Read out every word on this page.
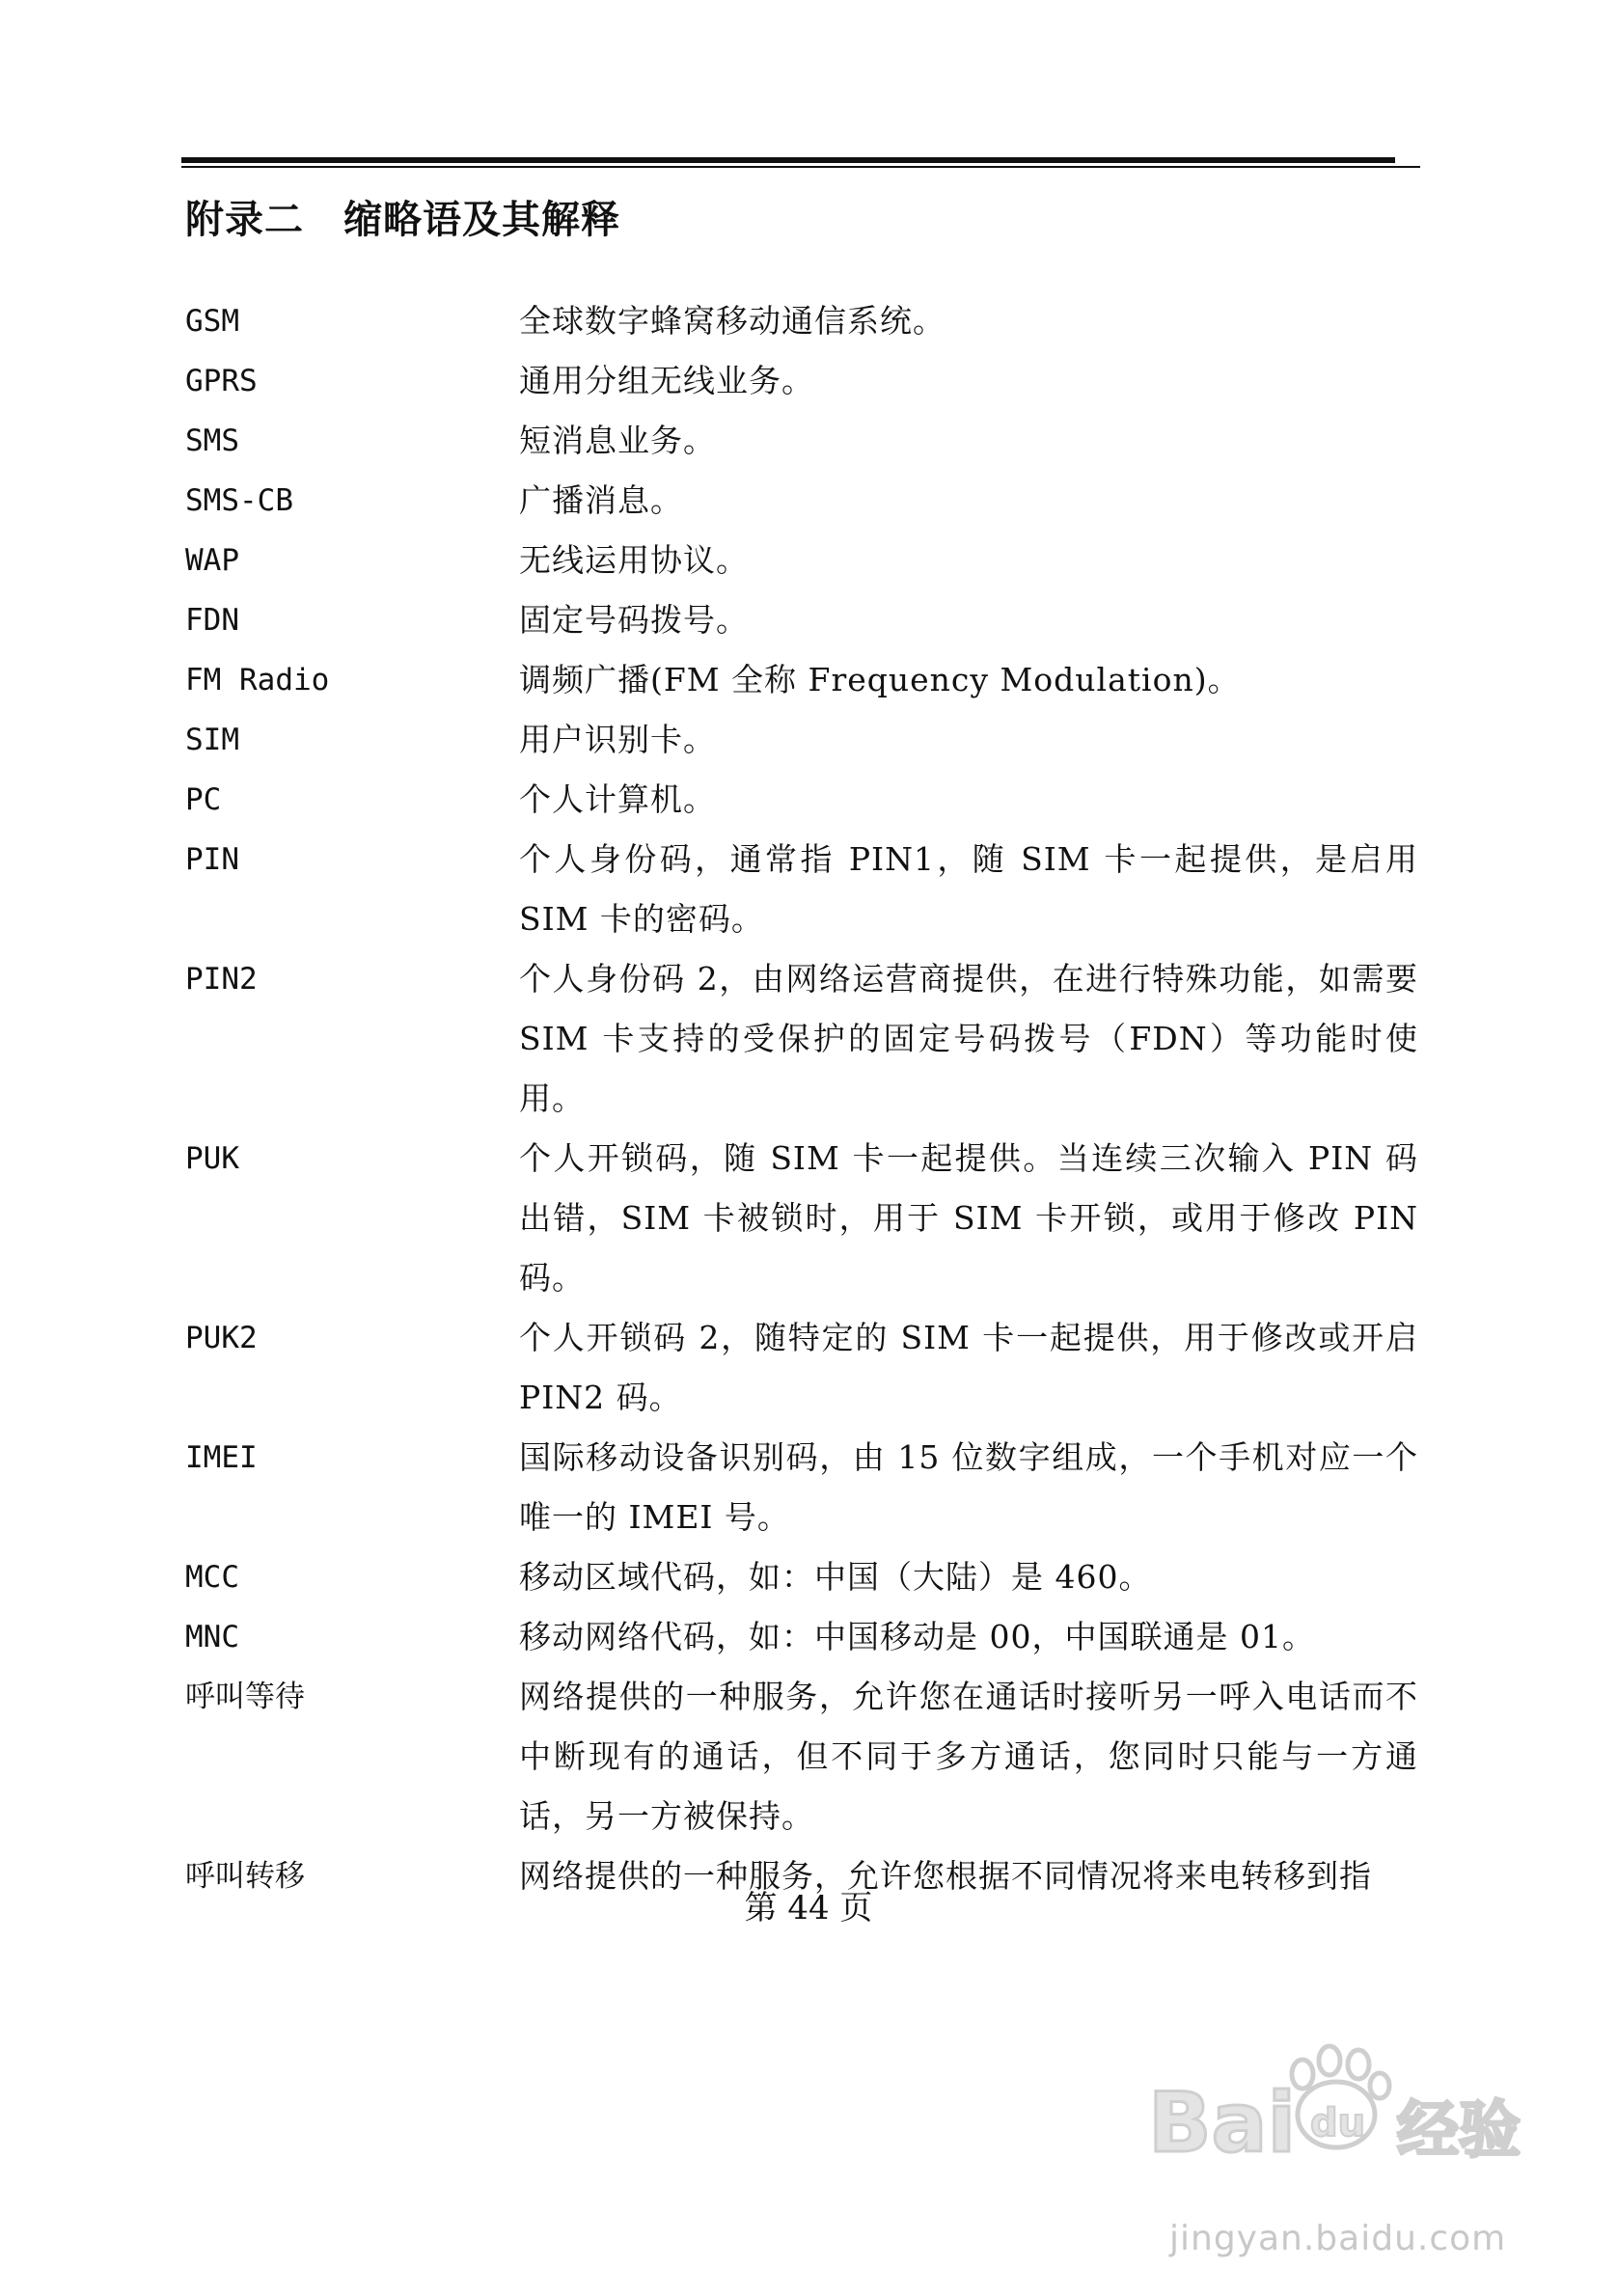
附录二　缩略语及其解释
GSM	全球数字蜂窝移动通信系统。
GPRS	通用分组无线业务。
SMS	短消息业务。
SMS-CB	广播消息。
WAP	无线运用协议。
FDN	固定号码拨号。
FM Radio	调频广播(FM 全称 Frequency Modulation)。
SIM	用户识别卡。
PC	个人计算机。
PIN	个人身份码，通常指 PIN1，随 SIM 卡一起提供，是启用 SIM 卡的密码。
PIN2	个人身份码 2，由网络运营商提供，在进行特殊功能，如需要 SIM 卡支持的受保护的固定号码拨号（FDN）等功能时使用。
PUK	个人开锁码，随 SIM 卡一起提供。当连续三次输入 PIN 码出错，SIM 卡被锁时，用于 SIM 卡开锁，或用于修改 PIN 码。
PUK2	个人开锁码 2，随特定的 SIM 卡一起提供，用于修改或开启 PIN2 码。
IMEI	国际移动设备识别码，由 15 位数字组成，一个手机对应一个唯一的 IMEI 号。
MCC	移动区域代码，如：中国（大陆）是 460。
MNC	移动网络代码，如：中国移动是 00，中国联通是 01。
呼叫等待	网络提供的一种服务，允许您在通话时接听另一呼入电话而不中断现有的通话，但不同于多方通话，您同时只能与一方通话，另一方被保持。
呼叫转移	网络提供的一种服务，允许您根据不同情况将来电转移到指
第 44 页
Bai du 经验
jingyan.baidu.com
